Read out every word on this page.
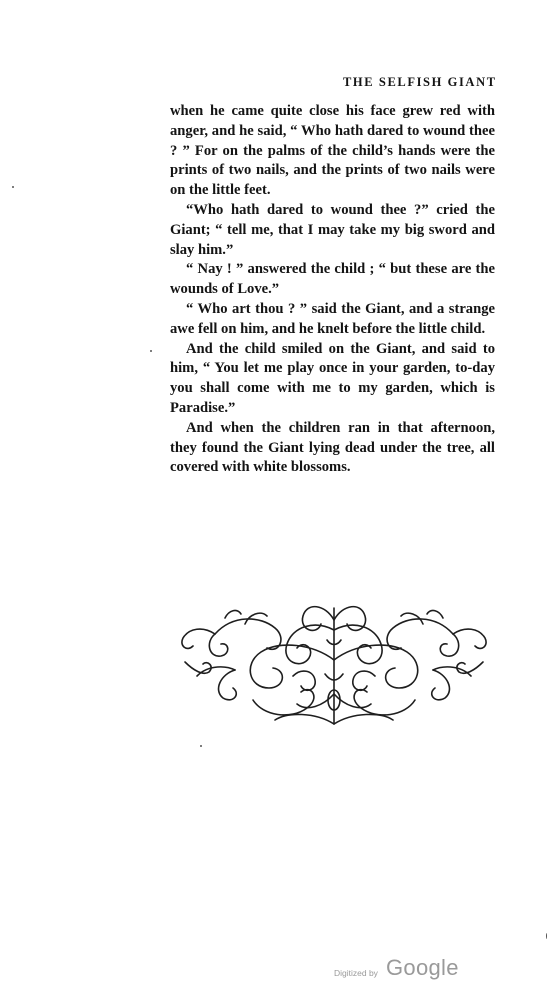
THE SELFISH GIANT

when he came quite close his face grew red with anger, and he said, “ Who hath dared to wound thee ? ” For on the palms of the child’s hands were the prints of two nails, and the prints of two nails were on the little feet.

“Who hath dared to wound thee ?” cried the Giant; “ tell me, that I may take my big sword and slay him.”

“ Nay ! ” answered the child ; “ but these are the wounds of Love.”

“ Who art thou ? ” said the Giant, and a strange awe fell on him, and he knelt before the little child.

And the child smiled on the Giant, and said to him, “ You let me play once in your garden, to-day you shall come with me to my garden, which is Paradise.”

And when the children ran in that afternoon, they found the Giant lying dead under the tree, all covered with white blossoms.

Digitized by Google
